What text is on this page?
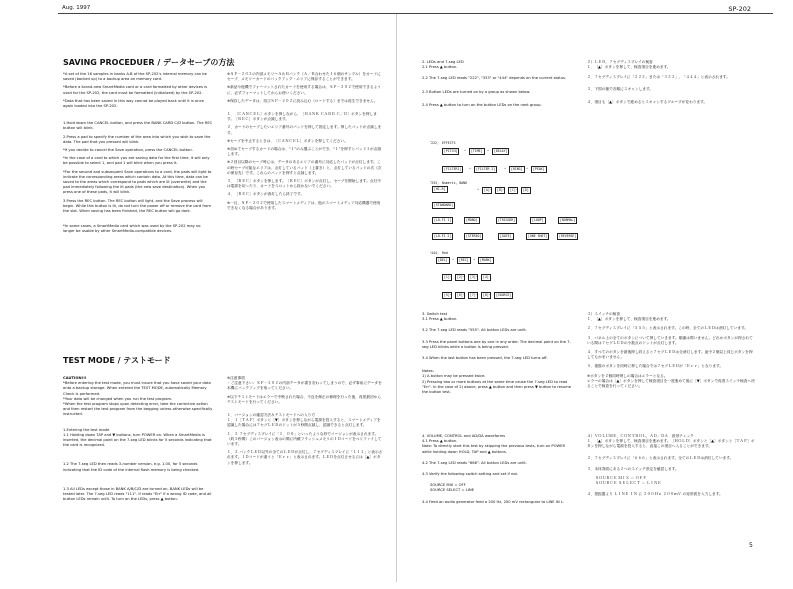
Aug. 1997	SP-202
SAVING PROCEDUER / データセーブの方法

*A set of the 16 samples in banks A-B of the SP-202's internal memory can be saved (backed up) to a backup area on memory card.

*Before a brand-new SmartMedia card or a card formatted by other devices is used for the SP-202, the card must be formatted (initialized) by the SP-202.

*Data that has been saved in this way cannot be played back until it is once again loaded into the SP-202.

1.Hold down the CANCEL button, and press the BANK CARD C/D button. The REC button will blink.

2.Press a pad to specify the number of the area into which you wish to save the data. The pad that you pressed will blink.

*If you decide to cancel the Save operation, press the CANCEL button.

*In the case of a card to which you are saving data for the first time, it will only be possible to select 1, and pad 1 will blink when you press it.

*For the second and subsequent Save operations to a card, the pads will light to indicate the corresponding areas which contain data. At this time, data can be saved to the areas which correspond to pads which are lit (overwrite) and the pad immediately following the lit pads (the new save destination). When you press one of these pads, it will blink.

3.Press the REC button. The REC button will light, and the Save process will begin. While this button is lit, do not turn the power off or remove the card from the slot. When saving has been finished, the REC button will go dark.

*In some cases, a SmartMedia card which was used by the SP-202 may no longer be usable by other SmartMedia-compatible devices.

※ＳＰ－２０２の内部メモリーＡ＆Ｂバンク（Ａ／Ｂ合わせた１６個のサンプル）をカードにセーブ、メモリーカードのバックアップ・エリアに保存することができます。

※新品や他機でフォーマットされたカードを使用する場合は、ＳＰ－２０２で使用できるように、必ずフォーマットしてからお使いください。

※保存したデータは、再びＳＰ－２０２に読み込む（ロードする）までは再生できません。

１．［ＣＡＮＣＥＬ］ボタンを押しながら、［ＢＡＮＫ ＣＡＲＤ Ｃ／Ｄ］ボタンを押します。［ＲＥＣ］ボタンが点滅します。

２．カードのセーブしたいエリア番号のパッドを押して指定します。押したパッドが点滅します。

※セーブを中止するときは、［ＣＡＮＣＥＬ］ボタンを押してください。

※初めてセーブするカードの場合は、“１”のみ選ぶことができ、“１”を押すとパッド１が点滅します。

※２回目以降のセーブ時には、データのあるエリアの番号に対応したパッドが点灯します。この時セーブ可能なエリアは、点灯しているパッド（上書き）と、点灯しているパッドの次（次の保存先）です。これらのパッドを押すと点滅します。

３．［ＲＥＣ］ボタンを押します。［ＲＥＣ］ボタンが点灯し、セーブを開始します。点灯中は電源を切ったり、カードをスロットから抜かないでください。

４．［ＲＥＣ］ボタンが消灯したら終了です。

※一旦、ＳＰ－２０２で使用したスマートメディアは、他のスマートメディア対応機器で使用できなくなる場合があります。

TEST MODE / テストモード

CAUTION!!!

*Before entering the test mode, you must insure that you have saved your data onto a backup storage. When entered the TEST MODE, automatically Memory Check is performed.

*Your data will be changed when you run the test program.

*When the test program stops upon detecting error, take the corrective action and then restart the test program from the begging unless otherwise specifically instructed.

1.Entering the test mode

1.1 Holding down TAP and ▼ buttons, turn POWER on. When a SmartMedia is inserted, the decimal point on the 7-seg LED blinks for 5 seconds indicating that the card is recognized.

1.2 The 7-seg LED then reads 3-number version, e.g. 1.00, for 5 seconds indicating that the ID code of the internal flash memory is being checked.

1.3 All LEDs except those in BANK A/B/C/D are turned on. BANK LEDs will be tested later. The 7-seg LED reads "111". If reads "Err" if a wrong ID code, and all button LEDs remain unlit. To turn on the LEDs, press ▲ button.

※注意事項

・ご注意下さい：ＳＰ－２０２の内部データが書き変わってしまうので、必ず事前にデータを本機にバックアップを取ってください。

※以下テストモードはエラーで中断された場合、不良を修正の修理を行った後、再度最初からテストモードを行ってください。

１．バージョンの確認方法＆テストモードへの入り方

１．１［ＴＡＰ］ボタンと［▼］ボタンを押しながら電源を投入すると、スマートメディアを認識した場合には７セグＬＥＤのドットが５秒間点滅し、認識できると点灯します。

１．２ ７セグディスプレイに「１．００」といったような形でバージョンが表示されます。（約５秒間）このバージョン表示の間に内蔵フラッシュメモリのＩＤコードをベリファイしています。

１．３ バンクＬＥＤ以外の全てのＬＥＤが点灯し、７セグディスプレイに「１１１」と表示されます。ＩＤコードが違うと「Ｅｒｒ」と表示されます。ＬＥＤを点灯させるには［▲］ボタンを押します。

2. LEDs and 7-seg LED

2.1 Press ▲ button.

2.2 The 7-seg LED reads "222", "333" or "444" depends on the current status.

2.3 Button LEDs are turned on by a group as shown below.

2.4 Press ▲ button to turn on the button LEDs on the next group.

２）ＬＥＤ，７セグディスプレイの検査

１．［▲］ボタンを押して、検査項目を進めます。

２．７セグディスプレイに「２２２」または「３３３」，「４４４」と表示されます。

３．下図の様で各順にスキャンします。

４．項目も［▲］ボタンで進めるとスキャンするグループが変わります。

「222」 EFFECTS
[PITCH]	→	[TIME]	→	[DELAY]
[FILTER1]	→	[FILTER 2]	→	[RING]	→	[PEAK]
「333」 Numeric, BANK
[HI-R]	→	[A] →	[B] →	[C] →	[D]
[STANDARD]
[LO-FI 1]	[MONO]	[TRIGGER]	[LOOP]	[NORMAL]
[LO-FI 2]	[STEREO]	[GATE]	[ONE SHOT]	[REVERSE]
「444」 Red
[DEL]	→	[REC]	→	[MARK]
[1] →	[2] →	[3] →	[4]
[5] →	[6] →	[7] →	[8] →	[SOURCE]

3. Switch test

3.1 Press ▲ button.

3.2 The 7-seg LED reads "555". All button LEDs are unlit.

3.3 Press the panel buttons one by one in any order. The decimal point on the 7-seg LED blinks while a button is being pressed.

3.4 When the last button has been pressed, the 7-seg LED turns off.

Notes:

1) A button may be pressed twice.

2) Pressing two or more buttons at the same time cause the 7-seg LED to read "Err". In the case of 2) above, press ▲ button and then press ▼ button to resume the button test.

３）スイッチの検査

１．［▲］ボタンを押して、検査項目を進めます。

２．７セグディスプレイに「５５５」と表示されます。この時、全てのＬＥＤは消灯しています。

３．パネル上の全てのボタンについて押していきます。順番は問いません。どれかボタンが押されている間は７セグＬＥＤの小数点のドットが点灯します。

４．すべてのボタンを最後押し終えると７セグＬＥＤは全消灯します。途中２個以上同じボタンを押してもかまいません。

５．複数のボタンを同時に押した場合では７セグＬＥＤが「Ｅｒｒ」となります。

※ボタンを２個同時押しの場合はエラーとなる。

エラーの場合は［▲］ボタンを押して検査項目を一度進めて後に［▼］ボタンで再度スイッチ検査へ戻ることで検査を行ってください。

4. VOLUME, CONTROL and AD/DA waveforms

4.1 Press ▲ button.

Note: To directly start this test by skipping the previous tests, turn on POWER while holding down HOLD, TAP and ▲ buttons.

4.2 The 7-seg LED reads "666". All button LEDs are unlit.

4.3 Verify the following switch setting and set if not.

SOURCE MIX = OFF

SOURCE SELECT = LINE

4.4 Feed an audio generator feed a 200 Hz, 200 mV rectangular to LINE IN L.

４）ＶＯＬＵＭＥ，ＣＯＮＴＲＯＬ，ＡＤ／ＤＡ　波形チェック

１．［▲］ボタンを押して、検査項目を進めます。［ＨＯＬＤ］ボタンと［▲］ボタンと［ＴＡＰ］ボタンを押しながら電源を投入すると、直接この項目へ入ることができます。

２．７セグディスプレイに「６６６」と表示されます。全てのＬＥＤは消灯しています。

３．本体背面にある２つのスイッチ設定を確認します。

ＳＯＵＲＣＥ ＭＩＸ ＝ ＯＦＦ

ＳＯＵＲＣＥ ＳＥＬＥＣＴ ＝ ＬＩＮＥ

４．発振器より ＬＩＮＥ ＩＮ に ２００Ｈｚ ２００ｍＶ の矩形波を入力します。

5
